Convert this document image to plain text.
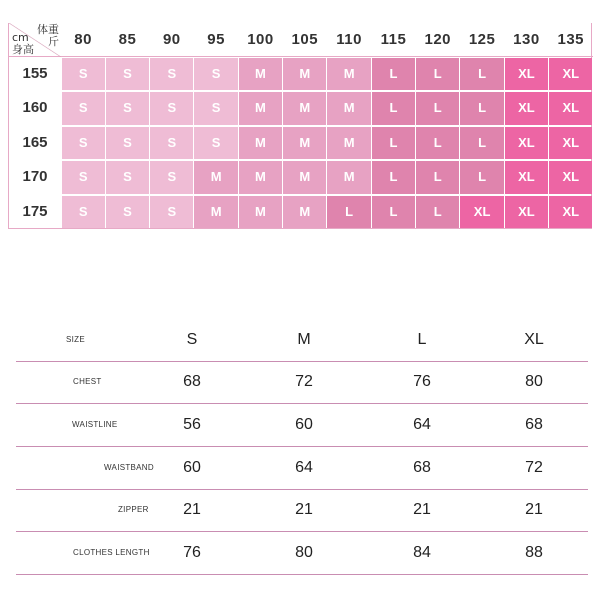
体重
斤
cm
身高
80	85	90	95	100	105	110	115	120	125	130	135
155	S	S	S	S	M	M	M	L	L	L	XL	XL
160	S	S	S	S	M	M	M	L	L	L	XL	XL
165	S	S	S	S	M	M	M	L	L	L	XL	XL
170	S	S	S	M	M	M	M	L	L	L	XL	XL
175	S	S	S	M	M	M	L	L	L	XL	XL	XL
SIZE	S	M	L	XL
CHEST	68	72	76	80
WAISTLINE	56	60	64	68
WAISTBAND	60	64	68	72
ZIPPER	21	21	21	21
CLOTHES LENGTH	76	80	84	88
